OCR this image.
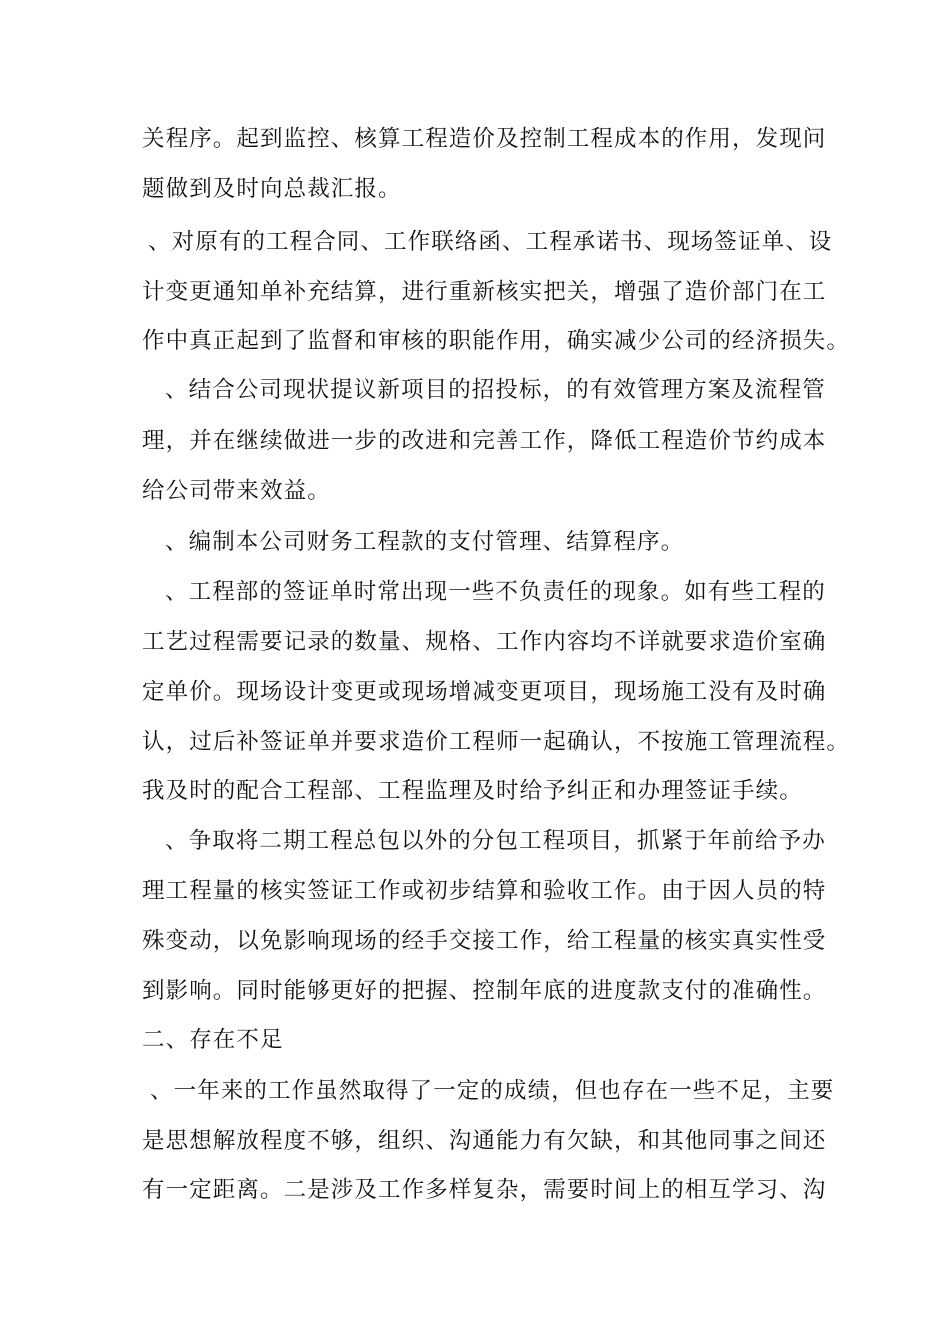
关程序。起到监控、核算工程造价及控制工程成本的作用，发现问
题做到及时向总裁汇报。
、对原有的工程合同、工作联络函、工程承诺书、现场签证单、设
计变更通知单补充结算，进行重新核实把关，增强了造价部门在工
作中真正起到了监督和审核的职能作用，确实减少公司的经济损失。
、结合公司现状提议新项目的招投标，的有效管理方案及流程管
理，并在继续做进一步的改进和完善工作，降低工程造价节约成本
给公司带来效益。
、编制本公司财务工程款的支付管理、结算程序。
、工程部的签证单时常出现一些不负责任的现象。如有些工程的
工艺过程需要记录的数量、规格、工作内容均不详就要求造价室确
定单价。现场设计变更或现场增减变更项目，现场施工没有及时确
认，过后补签证单并要求造价工程师一起确认，不按施工管理流程。
我及时的配合工程部、工程监理及时给予纠正和办理签证手续。
、争取将二期工程总包以外的分包工程项目，抓紧于年前给予办
理工程量的核实签证工作或初步结算和验收工作。由于因人员的特
殊变动，以免影响现场的经手交接工作，给工程量的核实真实性受
到影响。同时能够更好的把握、控制年底的进度款支付的准确性。
二、存在不足
、一年来的工作虽然取得了一定的成绩，但也存在一些不足，主要
是思想解放程度不够，组织、沟通能力有欠缺，和其他同事之间还
有一定距离。二是涉及工作多样复杂，需要时间上的相互学习、沟
